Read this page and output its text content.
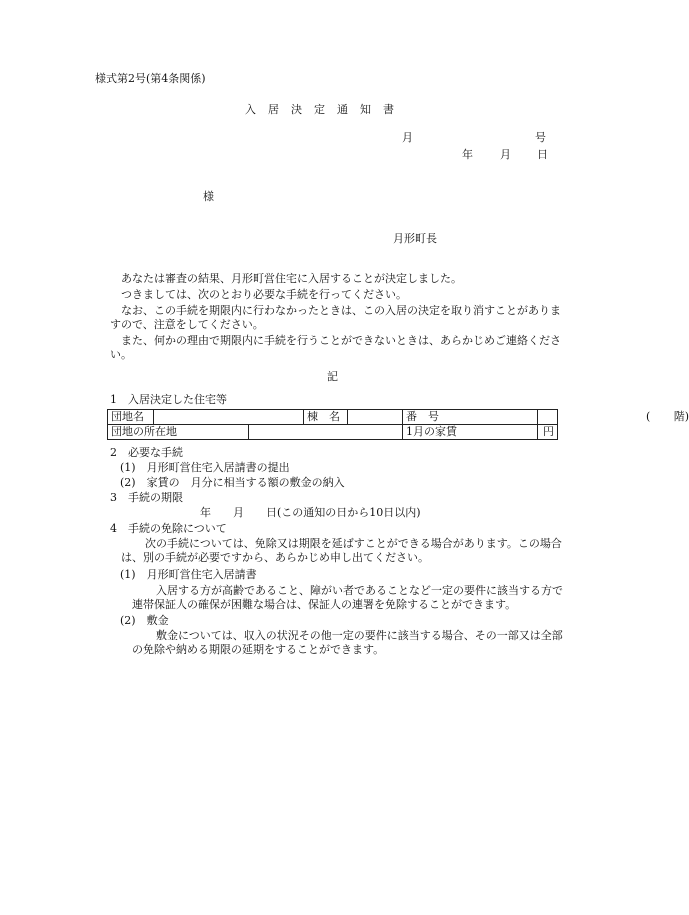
様式第2号(第4条関係)
入居決定通知書
月	号
年 月 日
様
月形町長
あなたは審査の結果、月形町営住宅に入居することが決定しました。
つきましては、次のとおり必要な手続を行ってください。
なお、この手続を期限内に行わなかったときは、この入居の決定を取り消すことがありますので、注意をしてください。
また、何かの理由で期限内に手続を行うことができないときは、あらかじめご連絡ください。
記
1　入居決定した住宅等
団地名			棟　名		番　号	( 階)
団地の所在地					1月の家賃	円
2　必要な手続
(1)　月形町営住宅入居請書の提出
(2)　家賃の　月分に相当する額の敷金の納入
3　手続の期限
年　　月　　日(この通知の日から10日以内)
4　手続の免除について
次の手続については、免除又は期限を延ばすことができる場合があります。この場合は、別の手続が必要ですから、あらかじめ申し出てください。
(1)　月形町営住宅入居請書
入居する方が高齢であること、障がい者であることなど一定の要件に該当する方で連帯保証人の確保が困難な場合は、保証人の連署を免除することができます。
(2)　敷金
敷金については、収入の状況その他一定の要件に該当する場合、その一部又は全部の免除や納める期限の延期をすることができます。
